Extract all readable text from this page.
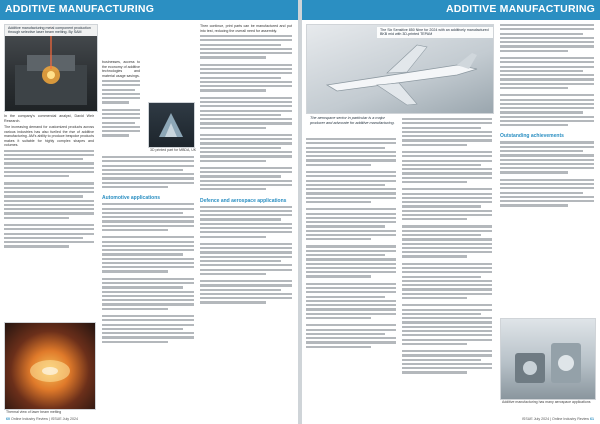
ADDITIVE MANUFACTURING
Additive manufacturing metal component production through selective laser beam melting. By SAM
In the company's commercial analyst, David Weir Research.
The increasing demand for customized products across various industries has also fuelled the rise of additive manufacturing. AM's ability to produce bespoke products makes it suitable for highly complex shapes and volumes.
Thermal view of laser beam melting
businesses, access to the economy of additive technologies and material usage savings.
3D printed part for MBDA, UK
Automotive applications
Then continue, print parts can be manufactured and put into test, reducing the overall need for assembly.
Defence and aerospace applications
60 Online Industry Review | ISSUE July 2024
ADDITIVE MANUFACTURING
The Six Sensitive 850 Nine for 2024 with an additively manufactured BKB mid with 3D-printed TEPAM
The aerospace sector in particular is a major producer and advocate for additive manufacturing.
Outstanding achievements
Additive manufacturing has many aerospace applications
ISSUE July 2024 | Online Industry Review 61
